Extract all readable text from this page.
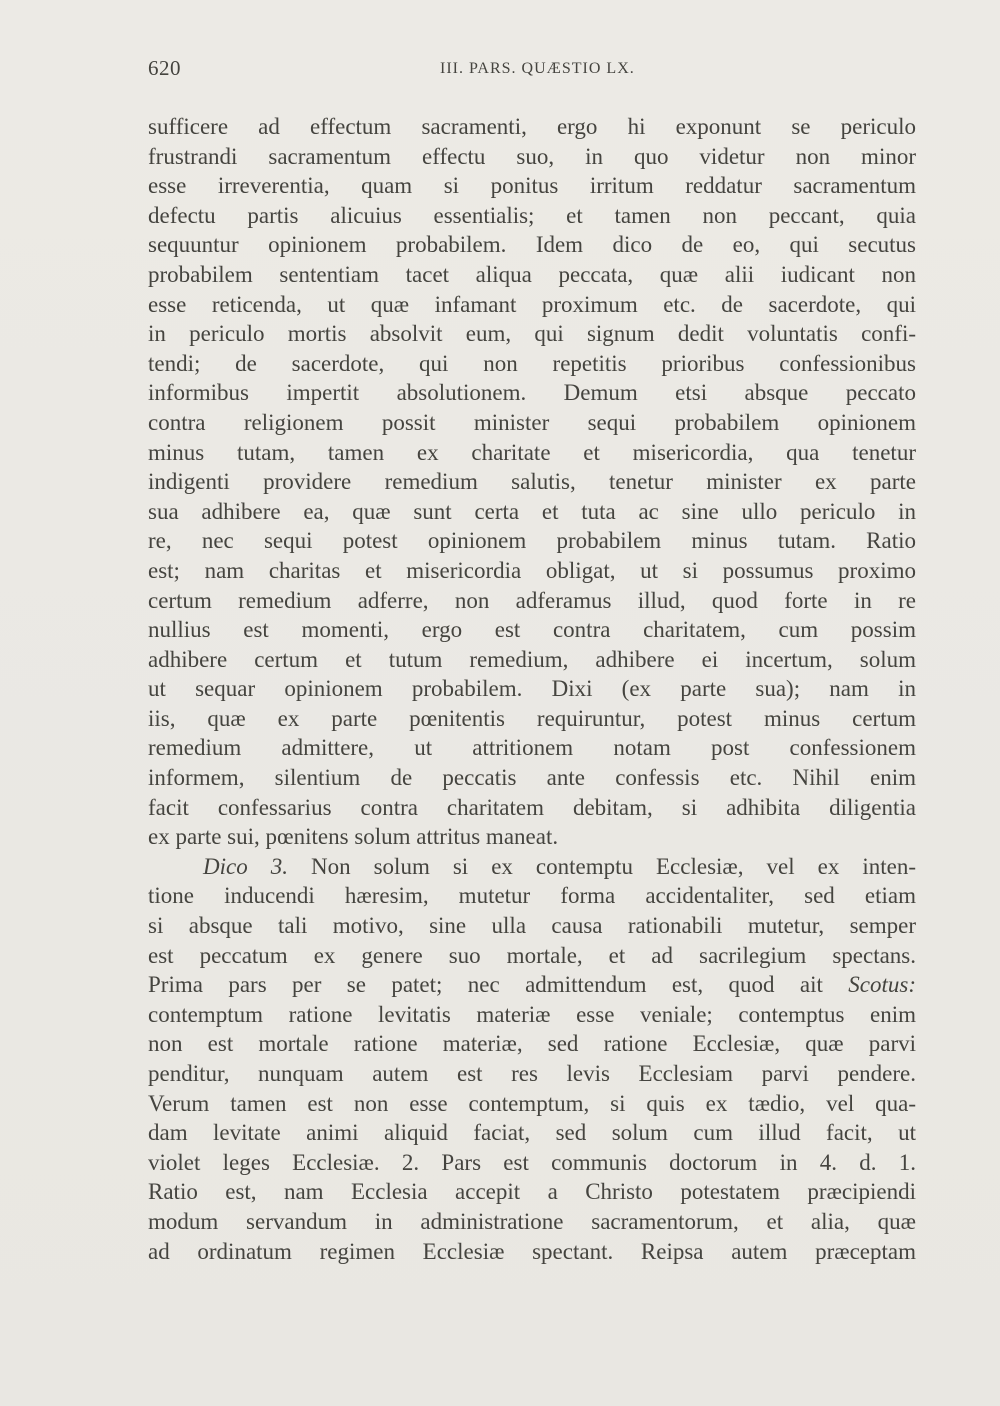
620	III. PARS. QUÆSTIO LX.
sufficere ad effectum sacramenti, ergo hi exponunt se periculo
frustrandi sacramentum effectu suo, in quo videtur non minor
esse irreverentia, quam si ponitus irritum reddatur sacramentum
defectu partis alicuius essentialis; et tamen non peccant, quia
sequuntur opinionem probabilem. Idem dico de eo, qui secutus
probabilem sententiam tacet aliqua peccata, quæ alii iudicant non
esse reticenda, ut quæ infamant proximum etc. de sacerdote, qui
in periculo mortis absolvit eum, qui signum dedit voluntatis confi-
tendi; de sacerdote, qui non repetitis prioribus confessionibus
informibus impertit absolutionem. Demum etsi absque peccato
contra religionem possit minister sequi probabilem opinionem
minus tutam, tamen ex charitate et misericordia, qua tenetur
indigenti providere remedium salutis, tenetur minister ex parte
sua adhibere ea, quæ sunt certa et tuta ac sine ullo periculo in
re, nec sequi potest opinionem probabilem minus tutam. Ratio
est; nam charitas et misericordia obligat, ut si possumus proximo
certum remedium adferre, non adferamus illud, quod forte in re
nullius est momenti, ergo est contra charitatem, cum possim
adhibere certum et tutum remedium, adhibere ei incertum, solum
ut sequar opinionem probabilem. Dixi (ex parte sua); nam in
iis, quæ ex parte pœnitentis requiruntur, potest minus certum
remedium admittere, ut attritionem notam post confessionem
informem, silentium de peccatis ante confessis etc. Nihil enim
facit confessarius contra charitatem debitam, si adhibita diligentia
ex parte sui, pœnitens solum attritus maneat.
Dico 3. Non solum si ex contemptu Ecclesiæ, vel ex inten-
tione inducendi hæresim, mutetur forma accidentaliter, sed etiam
si absque tali motivo, sine ulla causa rationabili mutetur, semper
est peccatum ex genere suo mortale, et ad sacrilegium spectans.
Prima pars per se patet; nec admittendum est, quod ait Scotus:
contemptum ratione levitatis materiæ esse veniale; contemptus enim
non est mortale ratione materiæ, sed ratione Ecclesiæ, quæ parvi
penditur, nunquam autem est res levis Ecclesiam parvi pendere.
Verum tamen est non esse contemptum, si quis ex tædio, vel qua-
dam levitate animi aliquid faciat, sed solum cum illud facit, ut
violet leges Ecclesiæ. 2. Pars est communis doctorum in 4. d. 1.
Ratio est, nam Ecclesia accepit a Christo potestatem præcipiendi
modum servandum in administratione sacramentorum, et alia, quæ
ad ordinatum regimen Ecclesiæ spectant. Reipsa autem præceptam
